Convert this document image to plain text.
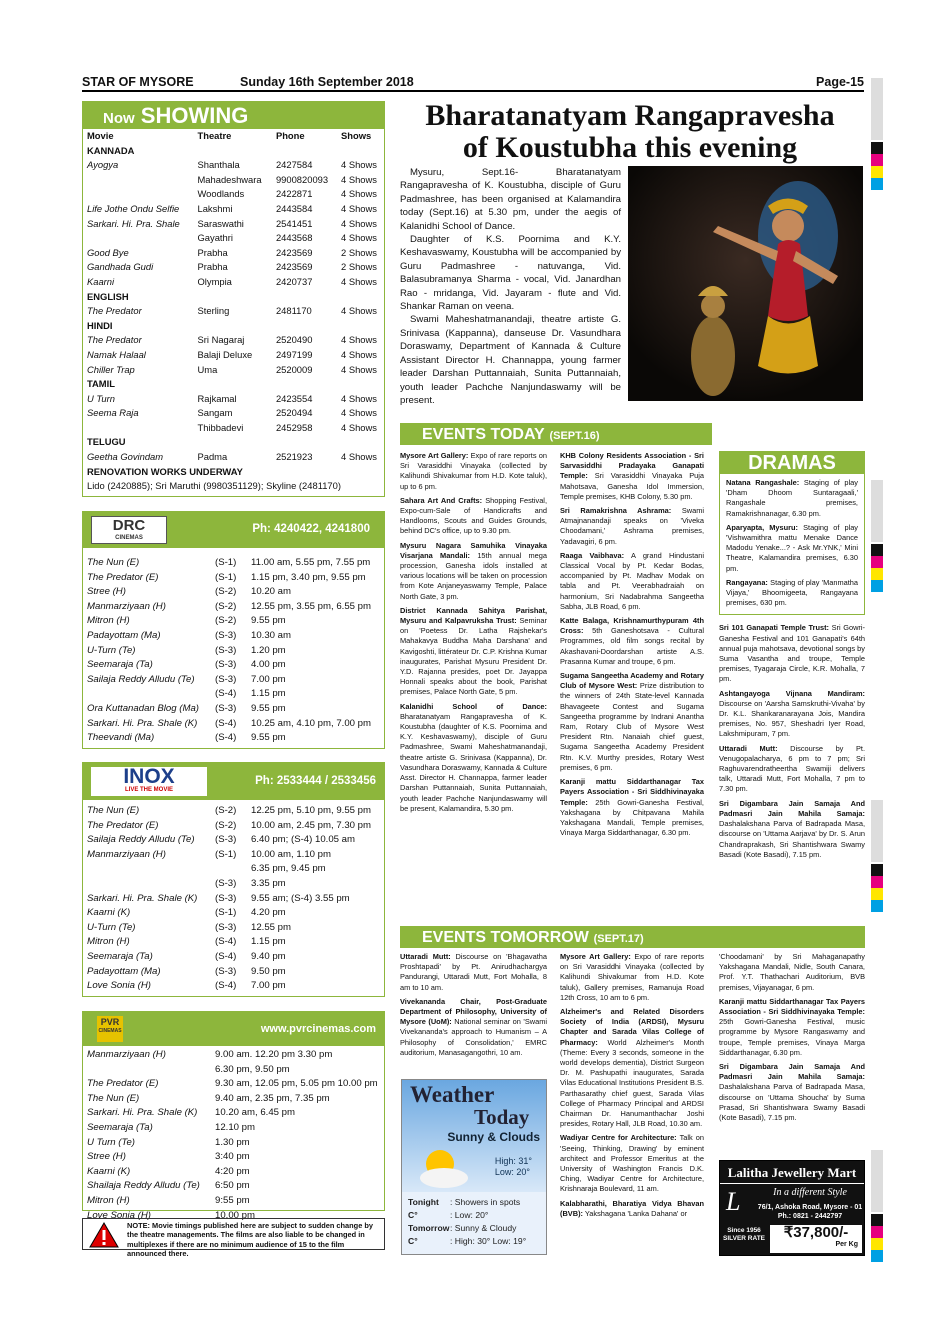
STAR OF MYSORE	Sunday 16th September 2018	Page-15
Now SHOWING
Movie	Theatre	Phone	Shows
KANNADA			
Ayogya	Shanthala	2427584	4 Shows
	Mahadeshwara	9900820093	4 Shows
	Woodlands	2422871	4 Shows
Life Jothe Ondu Selfie	Lakshmi	2443584	4 Shows
Sarkari. Hi. Pra. Shale	Saraswathi	2541451	4 Shows
	Gayathri	2443568	4 Shows
Good Bye	Prabha	2423569	2 Shows
Gandhada Gudi	Prabha	2423569	2 Shows
Kaarni	Olympia	2420737	4 Shows
ENGLISH			
The Predator	Sterling	2481170	4 Shows
HINDI			
The Predator	Sri Nagaraj	2520490	4 Shows
Namak Halaal	Balaji Deluxe	2497199	4 Shows
Chiller Trap	Uma	2520009	4 Shows
TAMIL			
U Turn	Rajkamal	2423554	4 Shows
Seema Raja	Sangam	2520494	4 Shows
	Thibbadevi	2452958	4 Shows
TELUGU			
Geetha Govindam	Padma	2521923	4 Shows
RENOVATION WORKS UNDERWAY			
Lido (2420885); Sri Maruthi (9980351129); Skyline (2481170)			
DRC
CINEMAS
Ph: 4240422, 4241800
The Nun (E)	(S-1)	11.00 am, 5.55 pm, 7.55 pm
The Predator (E)	(S-1)	1.15 pm, 3.40 pm, 9.55 pm
Stree (H)	(S-2)	10.20 am
Manmarziyaan (H)	(S-2)	12.55 pm, 3.55 pm, 6.55 pm
Mitron (H)	(S-2)	9.55 pm
Padayottam (Ma)	(S-3)	10.30 am
U-Turn (Te)	(S-3)	1.20 pm
Seemaraja (Ta)	(S-3)	4.00 pm
Sailaja Reddy Alludu (Te)	(S-3)	7.00 pm
	(S-4)	1.15 pm
Ora Kuttanadan Blog (Ma)	(S-3)	9.55 pm
Sarkari. Hi. Pra. Shale (K)	(S-4)	10.25 am, 4.10 pm, 7.00 pm
Theevandi (Ma)	(S-4)	9.55 pm
INOX
LIVE THE MOVIE
Ph: 2533444 / 2533456
The Nun (E)	(S-2)	12.25 pm, 5.10 pm, 9.55 pm
The Predator (E)	(S-2)	10.00 am, 2.45 pm, 7.30 pm
Sailaja Reddy Alludu (Te)	(S-3)	6.40 pm; (S-4) 10.05 am
Manmarziyaan (H)	(S-1)	10.00 am, 1.10 pm
		6.35 pm, 9.45 pm
	(S-3)	3.35 pm
Sarkari. Hi. Pra. Shale (K)	(S-3)	9.55 am; (S-4) 3.55 pm
Kaarni (K)	(S-1)	4.20 pm
U-Turn (Te)	(S-3)	12.55 pm
Mitron (H)	(S-4)	1.15 pm
Seemaraja (Ta)	(S-4)	9.40 pm
Padayottam (Ma)	(S-3)	9.50 pm
Love Sonia (H)	(S-4)	7.00 pm
PVR
CINEMAS	www.pvrcinemas.com
Manmarziyaan (H)	9.00 am. 12.20 pm 3.30 pm
	6.30 pm, 9.50 pm
The Predator (E)	9.30 am, 12.05 pm, 5.05 pm 10.00 pm
The Nun (E)	9.40 am, 2.35 pm, 7.35 pm
Sarkari. Hi. Pra. Shale (K)	10.20 am, 6.45 pm
Seemaraja (Ta)	12.10 pm
U Turn (Te)	1.30 pm
Stree (H)	3:40 pm
Kaarni (K)	4:20 pm
Shailaja Reddy Alludu (Te)	6:50 pm
Mitron (H)	9:55 pm
Love Sonia (H)	10.00 pm
NOTE: Movie timings published here are subject to sudden change by the theatre managements. The films are also liable to be changed in multiplexes if there are no minimum audience of 15 to the film announced there.
Bharatanatyam Rangapravesha
of Koustubha this evening

Mysuru, Sept.16- Bharatanatyam Rangapravesha of K. Koustubha, disciple of Guru Padmashree, has been organised at Kalamandira today (Sept.16) at 5.30 pm, under the aegis of Kalanidhi School of Dance.

Daughter of K.S. Poornima and K.Y. Keshavaswamy, Koustubha will be accompanied by Guru Padmashree - natuvanga, Vid. Balasubramanya Sharma - vocal, Vid. Janardhan Rao - mridanga, Vid. Jayaram - flute and Vid. Shankar Raman on veena.

Swami Maheshatmanandaji, theatre artiste G. Srinivasa (Kappanna), danseuse Dr. Vasundhara Doraswamy, Department of Kannada & Culture Assistant Director H. Channappa, young farmer leader Darshan Puttannaiah, Sunita Puttannaiah, youth leader Pachche Nanjundaswamy will be present.

EVENTS TODAY (SEPT.16)

Mysore Art Gallery: Expo of rare reports on Sri Varasiddhi Vinayaka (collected by Kalihundi Shivakumar from H.D. Kote taluk), up to 6 pm.

Sahara Art And Crafts: Shopping Festival, Expo-cum-Sale of Handicrafts and Handlooms, Scouts and Guides Grounds, behind DC's office, up to 9.30 pm.

Mysuru Nagara Samuhika Vinayaka Visarjana Mandali: 15th annual mega procession, Ganesha idols installed at various locations will be taken on procession from Kote Anjaneyaswamy Temple, Palace North Gate, 3 pm.

District Kannada Sahitya Parishat, Mysuru and Kalpavruksha Trust: Seminar on 'Poetess Dr. Latha Rajshekar's Mahakavya Buddha Maha Darshana' and Kavigoshti, littérateur Dr. C.P. Krishna Kumar inaugurates, Parishat Mysuru President Dr. Y.D. Rajanna presides, poet Dr. Jayappa Honnali speaks about the book, Parishat premises, Palace North Gate, 5 pm.

Kalanidhi School of Dance: Bharatanatyam Rangapravesha of K. Koustubha (daughter of K.S. Poornima and K.Y. Keshavaswamy), disciple of Guru Padmashree, Swami Maheshatmanandaji, theatre artiste G. Srinivasa (Kappanna), Dr. Vasundhara Doraswamy, Kannada & Culture Asst. Director H. Channappa, farmer leader Darshan Puttannaiah, Sunita Puttannaiah, youth leader Pachche Nanjundaswamy will be present, Kalamandira, 5.30 pm.

KHB Colony Residents Association - Sri Sarvasiddhi Pradayaka Ganapati Temple: Sri Varasiddhi Vinayaka Puja Mahotsava, Ganesha Idol Immersion, Temple premises, KHB Colony, 5.30 pm.

Sri Ramakrishna Ashrama: Swami Atmajnanandaji speaks on 'Viveka Choodamani,' Ashrama premises, Yadavagiri, 6 pm.

Raaga Vaibhava: A grand Hindustani Classical Vocal by Pt. Kedar Bodas, accompanied by Pt. Madhav Modak on tabla and Pt. Veerabhadraiah on harmonium, Sri Nadabrahma Sangeetha Sabha, JLB Road, 6 pm.

Katte Balaga, Krishnamurthypuram 4th Cross: 5th Ganeshotsava - Cultural Programmes, old film songs recital by Akashavani-Doordarshan artiste A.S. Prasanna Kumar and troupe, 6 pm.

Sugama Sangeetha Academy and Rotary Club of Mysore West: Prize distribution to the winners of 24th State-level Kannada Bhavageete Contest and Sugama Sangeetha programme by Indrani Anantha Ram, Rotary Club of Mysore West President Rtn. Nanaiah chief guest, Sugama Sangeetha Academy President Rtn. K.V. Murthy presides, Rotary West premises, 6 pm.

Karanji mattu Siddarthanagar Tax Payers Association - Sri Siddhivinayaka Temple: 25th Gowri-Ganesha Festival, Yakshagana by Chitpavana Mahila Yakshagana Mandali, Temple premises, Vinaya Marga Siddarthanagar, 6.30 pm.

DRAMAS

Natana Rangashale: Staging of play 'Dham Dhoom Suntaragaali,' Rangashale premises, Ramakrishnanagar, 6.30 pm.

Aparyapta, Mysuru: Staging of play 'Vishwamithra mattu Menake Dance Madodu Yenake...? - Ask Mr.YNK,' Mini Theatre, Kalamandira premises, 6.30 pm.

Rangayana: Staging of play 'Manmatha Vijaya,' Bhoomigeeta, Rangayana premises, 630 pm.

Sri 101 Ganapati Temple Trust: Sri Gowri-Ganesha Festival and 101 Ganapati's 64th annual puja mahotsava, devotional songs by Suma Vasantha and troupe, Temple premises, Tyagaraja Circle, K.R. Mohalla, 7 pm.

Ashtangayoga Vijnana Mandiram: Discourse on 'Aarsha Samskruthi-Vivaha' by Dr. K.L. Shankaranarayana Jois, Mandira premises, No. 957, Sheshadri Iyer Road, Lakshmipuram, 7 pm.

Uttaradi Mutt: Discourse by Pt. Venugopalacharya, 6 pm to 7 pm; Sri Raghuvarendratheertha Swamiji delivers talk, Uttaradi Mutt, Fort Mohalla, 7 pm to 7.30 pm.

Sri Digambara Jain Samaja And Padmasri Jain Mahila Samaja: Dashalakshana Parva of Badrapada Masa, discourse on 'Uttama Aarjava' by Dr. S. Arun Chandraprakash, Sri Shantishwara Swamy Basadi (Kote Basadi), 7.15 pm.

EVENTS TOMORROW (SEPT.17)

Uttaradi Mutt: Discourse on 'Bhagavatha Proshtapadi' by Pt. Anirudhachargya Pandurangi, Uttaradi Mutt, Fort Mohalla, 8 am to 10 am.

Vivekananda Chair, Post-Graduate Department of Philosophy, University of Mysore (UoM): National seminar on 'Swami Vivekananda's approach to Humanism – A Philosophy of Consolidation,' EMRC auditorium, Manasagangothri, 10 am.

Mysore Art Gallery: Expo of rare reports on Sri Varasiddhi Vinayaka (collected by Kalihundi Shivakumar from H.D. Kote taluk), Gallery premises, Ramanuja Road 12th Cross, 10 am to 6 pm.

Alzheimer's and Related Disorders Society of India (ARDSI), Mysuru Chapter and Sarada Vilas College of Pharmacy: World Alzheimer's Month (Theme: Every 3 seconds, someone in the world develops dementia), District Surgeon Dr. M. Pashupathi inaugurates, Sarada Vilas Educational Institutions President B.S. Parthasarathy chief guest, Sarada Vilas College of Pharmacy Principal and ARDSI Chairman Dr. Hanumanthachar Joshi presides, Rotary Hall, JLB Road, 10.30 am.

Wadiyar Centre for Architecture: Talk on 'Seeing, Thinking, Drawing' by eminent architect and Professor Emeritus at the University of Washington Francis D.K. Ching, Wadiyar Centre for Architecture, Krishnaraja Boulevard, 11 am.

Kalabharathi, Bharatiya Vidya Bhavan (BVB): Yakshagana 'Lanka Dahana' or

'Choodamani' by Sri Mahaganapathy Yakshagana Mandali, Nidle, South Canara, Prof. Y.T. Thathachari Auditorium, BVB premises, Vijayanagar, 6 pm.

Karanji mattu Siddarthanagar Tax Payers Association - Sri Siddhivinayaka Temple: 25th Gowri-Ganesha Festival, music programme by Mysore Rangaswamy and troupe, Temple premises, Vinaya Marga Siddarthanagar, 6.30 pm.

Sri Digambara Jain Samaja And Padmasri Jain Mahila Samaja: Dashalakshana Parva of Badrapada Masa, discourse on 'Uttama Shoucha' by Suma Prasad, Sri Shantishwara Swamy Basadi (Kote Basadi), 7.15 pm.

Weather
Today
Sunny & Clouds
High: 31°
Low: 20°
Tonight : Showers in spots
C°	: Low: 20°
Tomorrow: Sunny & Cloudy
C°	: High: 30° Low: 19°
Lalitha Jewellery Mart
L	In a different Style
76/1, Ashoka Road, Mysore - 01
Ph.: 0821 - 2442797
Since 1956
SILVER RATE	₹37,800/-
Per Kg
